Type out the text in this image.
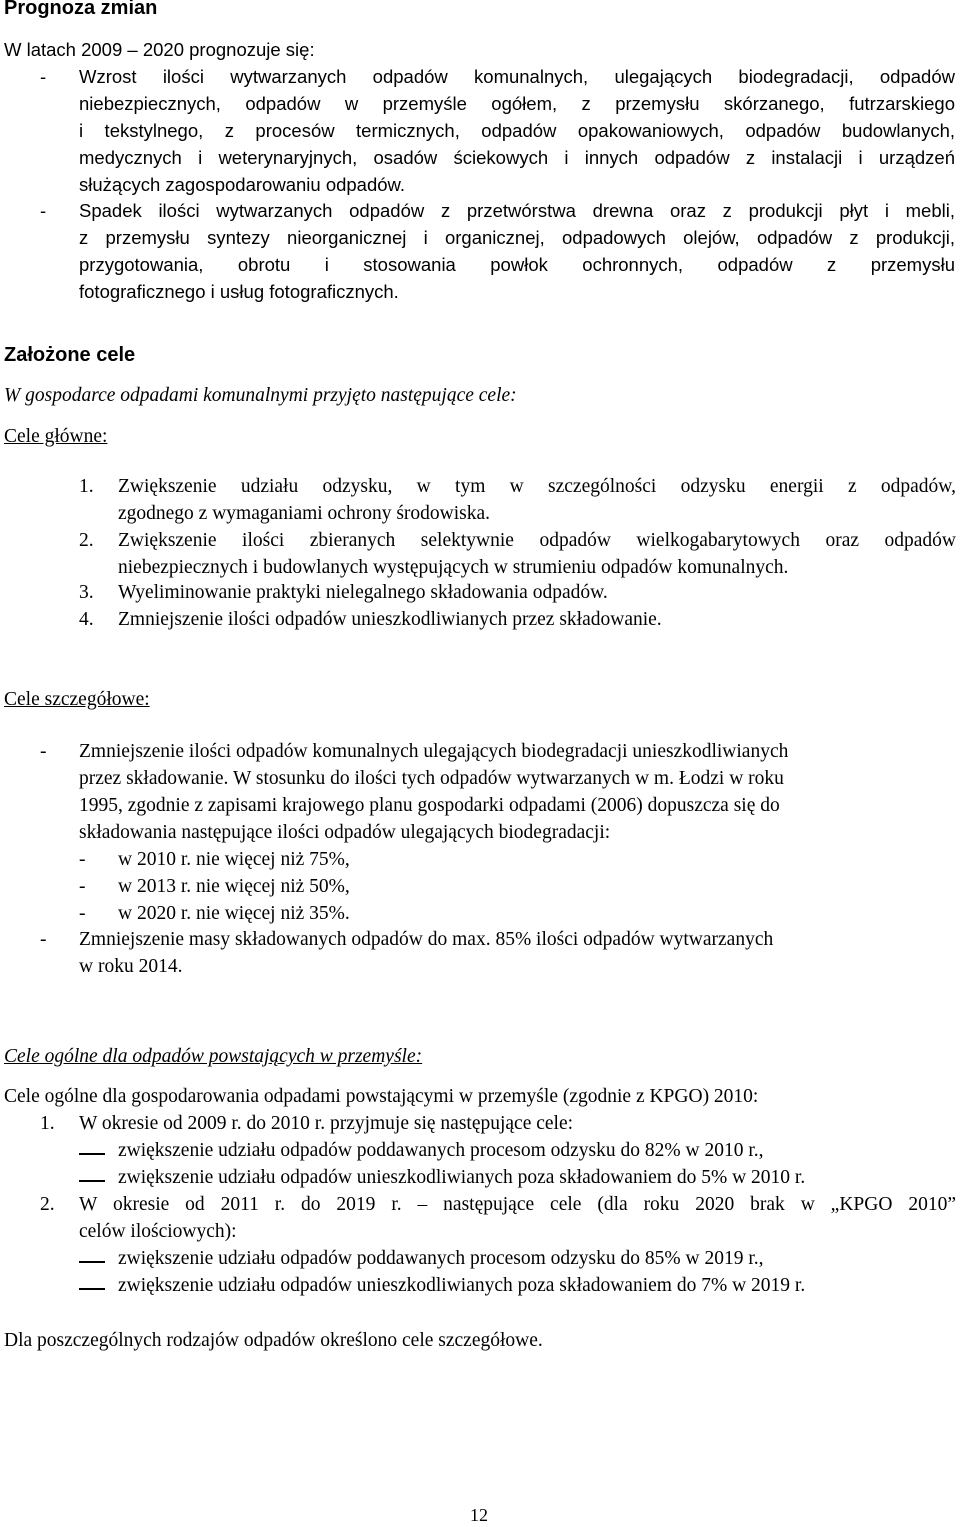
Prognoza zmian
W latach 2009 – 2020 prognozuje się:
- Wzrost ilości wytwarzanych odpadów komunalnych, ulegających biodegradacji, odpadów
niebezpiecznych, odpadów w przemyśle ogółem, z przemysłu skórzanego, futrzarskiego
i tekstylnego, z procesów termicznych, odpadów opakowaniowych, odpadów budowlanych,
medycznych i weterynaryjnych, osadów ściekowych i innych odpadów z instalacji i urządzeń
służących zagospodarowaniu odpadów.
- Spadek ilości wytwarzanych odpadów z przetwórstwa drewna oraz z produkcji płyt i mebli,
z przemysłu syntezy nieorganicznej i organicznej, odpadowych olejów, odpadów z produkcji,
przygotowania, obrotu i stosowania powłok ochronnych, odpadów z przemysłu
fotograficznego i usług fotograficznych.
Założone cele
W gospodarce odpadami komunalnymi przyjęto następujące cele:
Cele główne:
1. Zwiększenie udziału odzysku, w tym w szczególności odzysku energii z odpadów,
zgodnego z wymaganiami ochrony środowiska.
2. Zwiększenie ilości zbieranych selektywnie odpadów wielkogabarytowych oraz odpadów
niebezpiecznych i budowlanych występujących w strumieniu odpadów komunalnych.
3. Wyeliminowanie praktyki nielegalnego składowania odpadów.
4. Zmniejszenie ilości odpadów unieszkodliwianych przez składowanie.
Cele szczegółowe:
- Zmniejszenie ilości odpadów komunalnych ulegających biodegradacji unieszkodliwianych
przez składowanie. W stosunku do ilości tych odpadów wytwarzanych w m. Łodzi w roku
1995, zgodnie z zapisami krajowego planu gospodarki odpadami (2006) dopuszcza się do
składowania następujące ilości odpadów ulegających biodegradacji:
- w 2010 r. nie więcej niż 75%,
- w 2013 r. nie więcej niż 50%,
- w 2020 r. nie więcej niż 35%.
- Zmniejszenie masy składowanych odpadów do max. 85% ilości odpadów wytwarzanych
w roku 2014.
Cele ogólne dla odpadów powstających w przemyśle:
Cele ogólne dla gospodarowania odpadami powstającymi w przemyśle (zgodnie z KPGO) 2010:
1. W okresie od 2009 r. do 2010 r. przyjmuje się następujące cele:
zwiększenie udziału odpadów poddawanych procesom odzysku do 82% w 2010 r.,
zwiększenie udziału odpadów unieszkodliwianych poza składowaniem do 5% w 2010 r.
2. W okresie od 2011 r. do 2019 r. – następujące cele (dla roku 2020 brak w „KPGO 2010”
celów ilościowych):
zwiększenie udziału odpadów poddawanych procesom odzysku do 85% w 2019 r.,
zwiększenie udziału odpadów unieszkodliwianych poza składowaniem do 7% w 2019 r.
Dla poszczególnych rodzajów odpadów określono cele szczegółowe.
12
